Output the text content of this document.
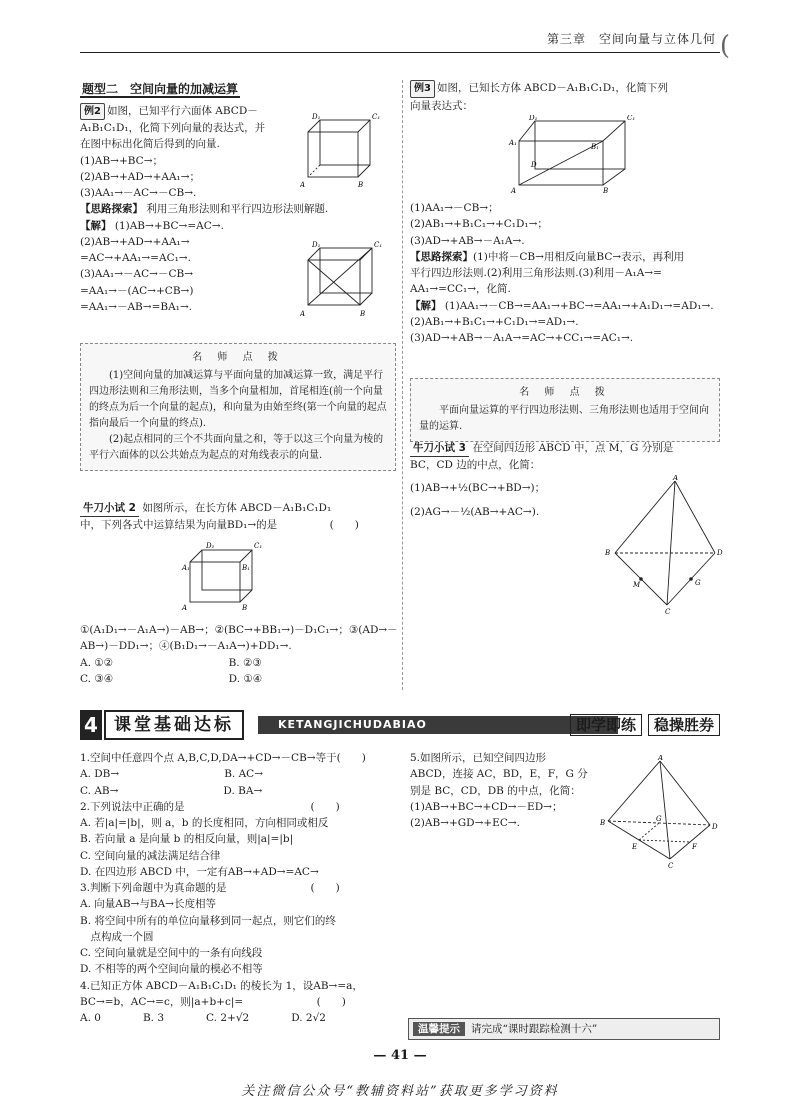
第三章　空间向量与立体几何 (

题型二　空间向量的加减运算

例2 如图，已知平行六面体 ABCD－

A₁B₁C₁D₁，化简下列向量的表达式，并

在图中标出化简后得到的向量.

(1)AB→+BC→；

(2)AB→+AD→+AA₁→；

(3)AA₁→－AC→－CB→.

【思路探索】 利用三角形法则和平行四边形法则解题.

【解】 (1)AB→+BC→=AC→.

(2)AB→+AD→+AA₁→

=AC→+AA₁→=AC₁→.

(3)AA₁→－AC→－CB→

=AA₁→－(AC→+CB→)

=AA₁→－AB→=BA₁→.

D₁	C₁
A	B
D₁	C₁
A	B

名 师 点 拨

(1)空间向量的加减运算与平面向量的加减运算一致，满足平行四边形法则和三角形法则，当多个向量相加，首尾相连(前一个向量的终点为后一个向量的起点)，和向量为由始至终(第一个向量的起点指向最后一个向量的终点).

(2)起点相同的三个不共面向量之和，等于以这三个向量为棱的平行六面体的以公共始点为起点的对角线表示的向量.

牛刀小试 2 如图所示，在长方体 ABCD－A₁B₁C₁D₁

中，下列各式中运算结果为向量BD₁→的是　　　　　(　　)

D₁	C₁
A₁	B₁
A	B

①(A₁D₁→－A₁A→)－AB→；②(BC→+BB₁→)－D₁C₁→；③(AD→－

AB→)－DD₁→；④(B₁D₁→－A₁A→)+DD₁→.

A. ①②　　　　　　　　　　　B. ②③

C. ③④　　　　　　　　　　　D. ①④

例3 如图，已知长方体 ABCD－A₁B₁C₁D₁，化简下列

向量表达式：

D₁	C₁
A₁	B₁
D
A	B

(1)AA₁→－CB→；

(2)AB₁→+B₁C₁→+C₁D₁→；

(3)AD→+AB→－A₁A→.

【思路探索】(1)中将－CB→用相反向量BC→表示，再利用

平行四边形法则.(2)利用三角形法则.(3)利用－A₁A→=

AA₁→=CC₁→，化简.

【解】 (1)AA₁→－CB→=AA₁→+BC→=AA₁→+A₁D₁→=AD₁→.

(2)AB₁→+B₁C₁→+C₁D₁→=AD₁→.

(3)AD→+AB→－A₁A→=AC→+CC₁→=AC₁→.

名 师 点 拨

平面向量运算的平行四边形法则、三角形法则也适用于空间向量的运算.

牛刀小试 3 在空间四边形 ABCD 中，点 M，G 分别是

BC，CD 边的中点，化简：

(1)AB→+½(BC→+BD→)；

(2)AG→－½(AB→+AC→).

A
B	D
C
M	G
4 课堂基础达标	KETANGJICHUDABIAO	即学即练 稳操胜券

1.空间中任意四个点 A,B,C,D,DA→+CD→－CB→等于(　　)

A. DB→　　　　　　　　　　B. AC→

C. AB→　　　　　　　　　　D. BA→

2.下列说法中正确的是　　　　　　　　　　　　(　　)

A. 若|a|=|b|，则 a，b 的长度相同，方向相同或相反

B. 若向量 a 是向量 b 的相反向量，则|a|=|b|

C. 空间向量的减法满足结合律

D. 在四边形 ABCD 中，一定有AB→+AD→=AC→

3.判断下列命题中为真命题的是　　　　　　　　(　　)

A. 向量AB→与BA→长度相等

B. 将空间中所有的单位向量移到同一起点，则它们的终

　点构成一个圆

C. 空间向量就是空间中的一条有向线段

D. 不相等的两个空间向量的模必不相等

4.已知正方体 ABCD－A₁B₁C₁D₁ 的棱长为 1，设AB→=a，

BC→=b，AC→=c，则|a+b+c|=　　　　　　　(　　)

A. 0　　　　B. 3　　　　C. 2+√2　　　　D. 2√2

5.如图所示，已知空间四边形

ABCD，连接 AC，BD，E，F，G 分

别是 BC，CD，DB 的中点，化简：

(1)AB→+BC→+CD→－ED→；

(2)AB→+GD→+EC→.

A
B	D
C
E	F
G
温馨提示 请完成“课时跟踪检测十六”
— 41 —
关注微信公众号“教辅资料站”获取更多学习资料
